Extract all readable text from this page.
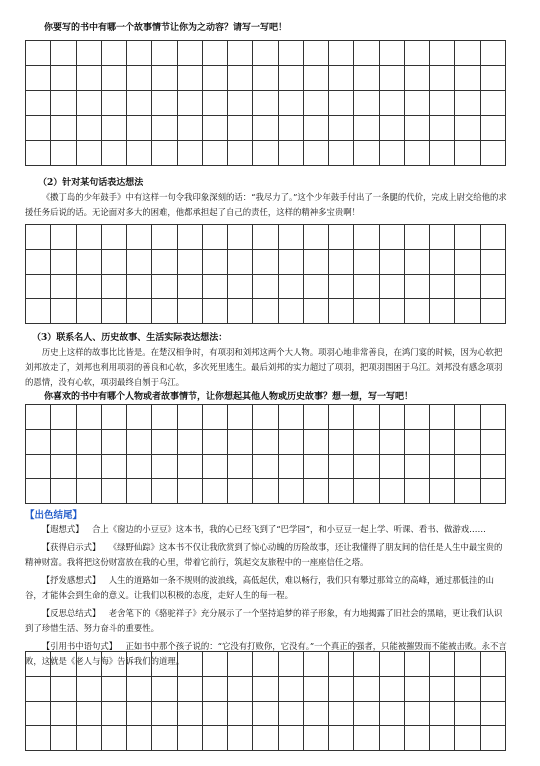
你要写的书中有哪一个故事情节让你为之动容？请写一写吧！

（2）针对某句话表达想法
《擞丁岛的少年鼓手》中有这样一句令我印象深刻的话：“我尽力了。”这个少年鼓手付出了一条腿的代价，完成上尉交给他的求援任务后说的话。无论面对多大的困难，他都承担起了自己的责任，这样的精神多宝贵啊！

（3）联系名人、历史故事、生活实际表达想法：
历史上这样的故事比比皆是。在楚汉相争时，有项羽和刘邦这两个大人物。项羽心地非常善良，在鸿门宴的时候，因为心软把刘邦放走了，刘邦也利用项羽的善良和心软，多次死里逃生。最后刘邦的实力超过了项羽，把项羽围困于乌江。刘邦没有感念项羽的恩情，没有心软，项羽最终自刎于乌江。
你喜欢的书中有哪个人物或者故事情节，让你想起其他人物或历史故事？想一想，写一写吧！

【出色结尾】
【遐想式】  合上《窗边的小豆豆》这本书，我的心已经飞到了“巴学园”，和小豆豆一起上学、听课、看书、做游戏……
【获得启示式】  《绿野仙踪》这本书不仅让我欣赏到了惊心动魄的历险故事，还让我懂得了朋友间的信任是人生中最宝贵的精神财富。我将把这份财富放在我的心里，带着它前行，筑起交友旅程中的一座座信任之塔。
【抒发感想式】  人生的道路如一条不规则的波浪线，高低起伏，难以畅行，我们只有攀过那耸立的高峰，通过那低洼的山谷，才能体会到生命的意义。让我们以积极的态度，走好人生的每一程。
【反思总结式】  老舍笔下的《骆驼祥子》充分展示了一个坚持追梦的祥子形象，有力地揭露了旧社会的黑暗，更让我们认识到了珍惜生活、努力奋斗的重要性。
【引用书中语句式】  正如书中那个孩子说的：“它没有打败你，它没有。”一个真正的强者，只能被摧毁而不能被击败。永不言败，这就是《老人与海》告诉我们的道理。
